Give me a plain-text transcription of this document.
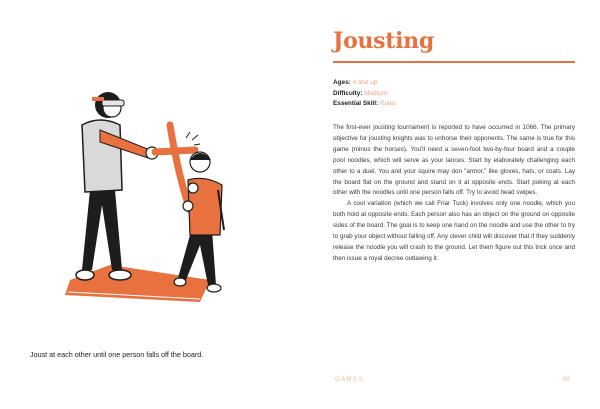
Joust at each other until one person falls off the board.
Jousting
Ages: 4 and up
Difficulty: Medium
Essential Skill: Rules

The first-ever jousting tournament is reported to have occurred in 1066. The primary objective for jousting knights was to unhorse their opponents. The same is true for this game (minus the horses). You'll need a seven-foot two-by-four board and a couple pool noodles, which will serve as your lances. Start by elaborately challenging each other to a duel. You and your squire may don "armor," like gloves, hats, or coats. Lay the board flat on the ground and stand on it at opposite ends. Start poking at each other with the noodles until one person falls off. Try to avoid head swipes.

A cool variation (which we call Friar Tuck) involves only one noodle, which you both hold at opposite ends. Each person also has an object on the ground on opposite sides of the board. The goal is to keep one hand on the noodle and use the other to try to grab your object without falling off. Any clever child will discover that if they suddenly release the noodle you will crash to the ground. Let them figure out this trick once and then issue a royal decree outlawing it.

GAMES	89
